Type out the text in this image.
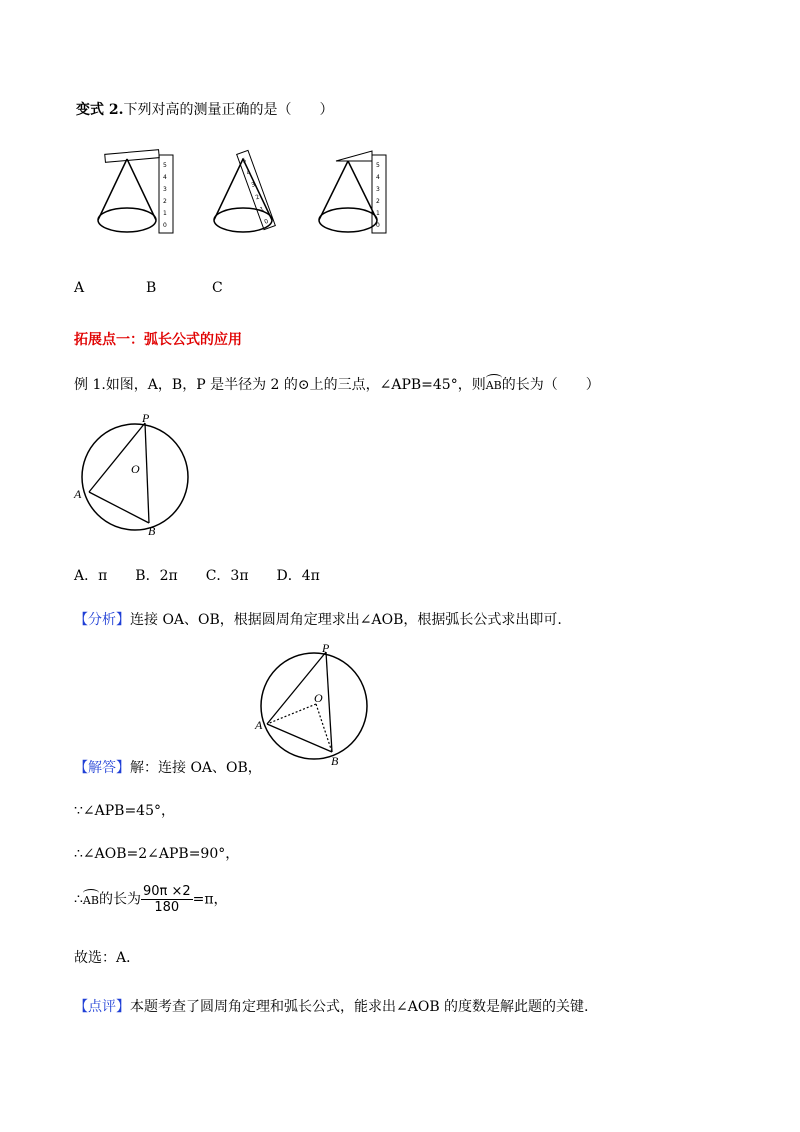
变式 2.下列对高的测量正确的是（　　）
5
4
3
2
1
0
5
4
3
2
1
0
5
4
3
2
1
0
A	B	C
拓展点一：弧长公式的应用
例 1.如图，A，B，P 是半径为 2 的⊙上的三点，∠APB=45°，则AB的长为（　　）
P
O
A
B
A．π　　B．2π　　C．3π　　D．4π
【分析】连接 OA、OB，根据圆周角定理求出∠AOB，根据弧长公式求出即可.
P
O
A
B
【解答】解：连接 OA、OB，
∵∠APB=45°，
∴∠AOB=2∠APB=90°，
∴AB的长为 $\frac{90\pi \times 2}{180} =\pi$，
故选：A．
【点评】本题考查了圆周角定理和弧长公式，能求出∠AOB 的度数是解此题的关键.
